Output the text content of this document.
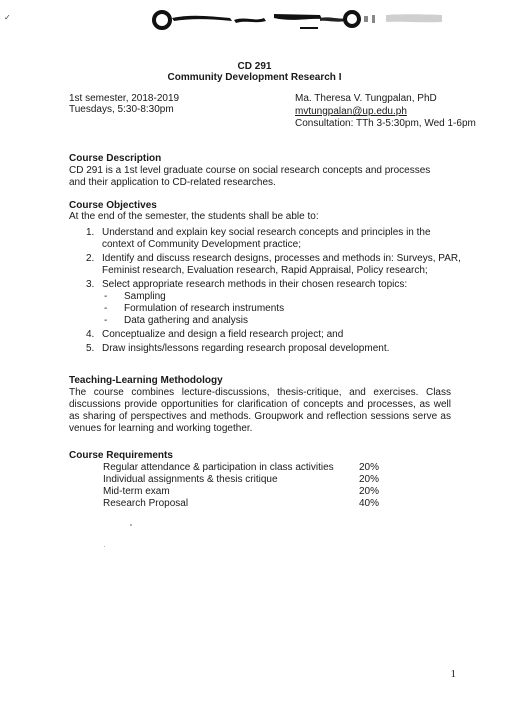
✓
CD 291
Community Development Research I
1st semester, 2018-2019
Tuesdays, 5:30-8:30pm
Ma. Theresa V. Tungpalan, PhD
mvtungpalan@up.edu.ph
Consultation: TTh 3-5:30pm, Wed 1-6pm
Course Description
CD 291 is a 1st level graduate course on social research concepts and processes and their application to CD-related researches.
Course Objectives
At the end of the semester, the students shall be able to:
1. Understand and explain key social research concepts and principles in the context of Community Development practice;
2. Identify and discuss research designs, processes and methods in: Surveys, PAR, Feminist research, Evaluation research, Rapid Appraisal, Policy research;
3. Select appropriate research methods in their chosen research topics:
- Sampling
- Formulation of research instruments
- Data gathering and analysis
4. Conceptualize and design a field research project; and
5. Draw insights/lessons regarding research proposal development.
Teaching-Learning Methodology
The course combines lecture-discussions, thesis-critique, and exercises. Class discussions provide opportunities for clarification of concepts and processes, as well as sharing of perspectives and methods. Groupwork and reflection sessions serve as venues for learning and working together.
Course Requirements
Regular attendance & participation in class activities	20%
Individual assignments & thesis critique	20%
Mid-term exam	20%
Research Proposal	40%
1
